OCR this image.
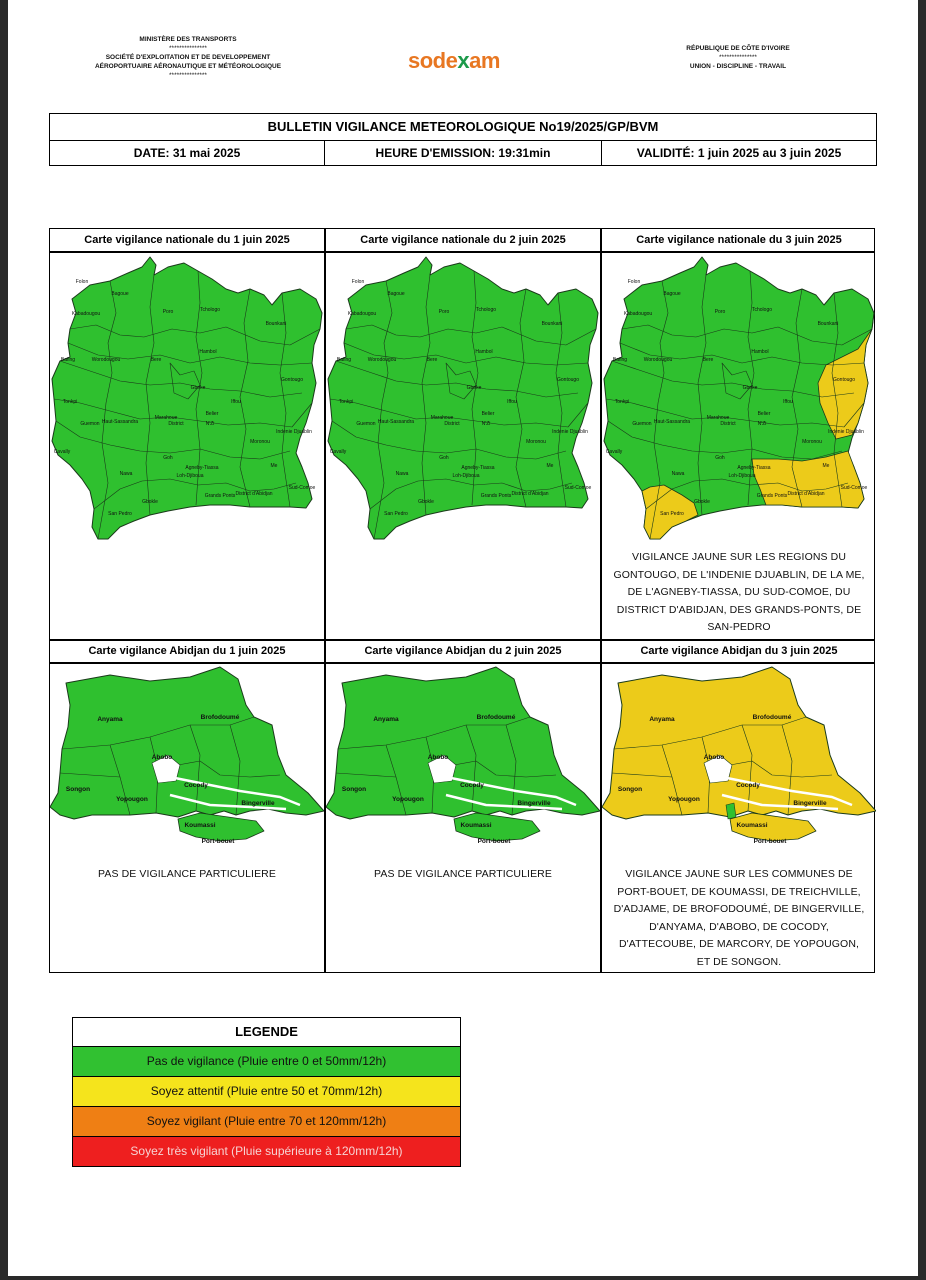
MINISTÈRE DES TRANSPORTS
***************
SOCIÉTÉ D'EXPLOITATION ET DE DEVELOPPEMENT
AÉROPORTUAIRE AÉRONAUTIQUE ET MÉTÉOROLOGIQUE
***************
sodexam	RÉPUBLIQUE DE CÔTE D'IVOIRE
***************
UNION - DISCIPLINE - TRAVAIL
BULLETIN VIGILANCE METEOROLOGIQUE No19/2025/GP/BVM
DATE: 31 mai 2025	HEURE D'EMISSION: 19:31min	VALIDITÉ: 1 juin 2025 au 3 juin 2025
Carte vigilance nationale du 1 juin 2025	Carte vigilance nationale du 2 juin 2025	Carte vigilance nationale du 3 juin 2025
Carte vigilance Abidjan du 1 juin 2025	Carte vigilance Abidjan du 2 juin 2025	Carte vigilance Abidjan du 3 juin 2025
Folon
Bagoue
Kabadougou	Poro	Tchologo
Bounkani
Bafing	Worodougou	Bere
Hambol
Gontougo
Tonkpi
Gbeke
Iffou
Guemon Haut-Sassandra
Marahoue
Belier
District	N'Zi
Moronou
Indenie Djuablin
Cavally
Goh
Agneby-Tiassa	Me
Nawa	Loh-Djiboua
Sud-Comoe
Gbokle
Grands Ponts District d'Abidjan
San Pedro
Folon
Bagoue
Kabadougou	Poro	Tchologo
Bounkani
Bafing	Worodougou	Bere
Hambol
Gontougo
Tonkpi
Gbeke
Iffou
Guemon Haut-Sassandra
Marahoue
Belier
District	N'Zi
Moronou
Indenie Djuablin
Cavally
Goh
Agneby-Tiassa	Me
Nawa	Loh-Djiboua
Sud-Comoe
Gbokle
Grands Ponts District d'Abidjan
San Pedro
Folon
Bagoue
Kabadougou	Poro	Tchologo
Bounkani
Bafing	Worodougou	Bere
Hambol
Gontougo
Tonkpi
Gbeke
Iffou
Guemon Haut-Sassandra
Marahoue
Belier
District	N'Zi
Moronou
Indenie Djuablin
Cavally
Goh
Agneby-Tiassa	Me
Nawa	Loh-Djiboua
Sud-Comoe
Gbokle
Grands Ponts District d'Abidjan
San Pedro
VIGILANCE JAUNE SUR LES REGIONS DU
GONTOUGO, DE L'INDENIE DJUABLIN, DE LA ME,
DE L'AGNEBY-TIASSA, DU SUD-COMOE, DU
DISTRICT D'ABIDJAN, DES GRANDS-PONTS, DE
SAN-PEDRO
Anyama	Brofodoumé
Abobo
Songon
Cocody
Yopougon
Bingerville
Koumassi
Port-bouet
Anyama	Brofodoumé
Abobo
Songon
Cocody
Yopougon
Bingerville
Koumassi
Port-bouet
Anyama	Brofodoumé
Abobo
Songon
Cocody
Yopougon
Bingerville
Koumassi
Port-bouet
PAS DE VIGILANCE PARTICULIERE	PAS DE VIGILANCE PARTICULIERE	VIGILANCE JAUNE SUR LES COMMUNES DE
PORT-BOUET, DE KOUMASSI, DE TREICHVILLE,
D'ADJAME, DE BROFODOUMÉ, DE BINGERVILLE,
D'ANYAMA, D'ABOBO, DE COCODY,
D'ATTECOUBE, DE MARCORY, DE YOPOUGON,
ET DE SONGON.
LEGENDE
Pas de vigilance (Pluie entre 0 et 50mm/12h)
Soyez attentif (Pluie entre 50 et 70mm/12h)
Soyez vigilant (Pluie entre 70 et 120mm/12h)
Soyez très vigilant (Pluie supérieure à 120mm/12h)
